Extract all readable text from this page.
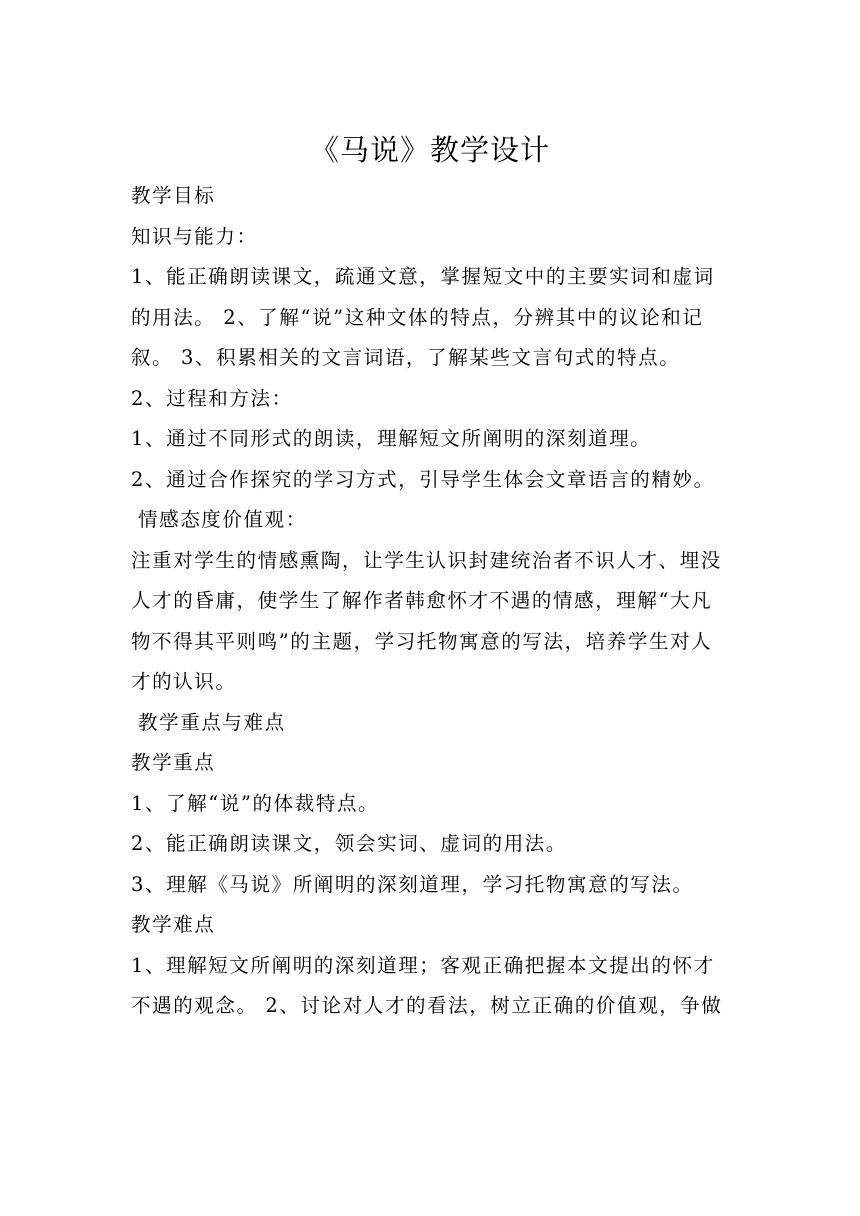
《马说》教学设计
教学目标
知识与能力：
1、能正确朗读课文，疏通文意，掌握短文中的主要实词和虚词
的用法。 2、了解“说”这种文体的特点，分辨其中的议论和记
叙。 3、积累相关的文言词语，了解某些文言句式的特点。
2、过程和方法：
1、通过不同形式的朗读，理解短文所阐明的深刻道理。
2、通过合作探究的学习方式，引导学生体会文章语言的精妙。
情感态度价值观：
注重对学生的情感熏陶，让学生认识封建统治者不识人才、埋没
人才的昏庸，使学生了解作者韩愈怀才不遇的情感，理解“大凡
物不得其平则鸣”的主题，学习托物寓意的写法，培养学生对人
才的认识。
教学重点与难点
教学重点
1、了解“说”的体裁特点。
2、能正确朗读课文，领会实词、虚词的用法。
3、理解《马说》所阐明的深刻道理，学习托物寓意的写法。
教学难点
1、理解短文所阐明的深刻道理；客观正确把握本文提出的怀才
不遇的观念。 2、讨论对人才的看法，树立正确的价值观，争做
